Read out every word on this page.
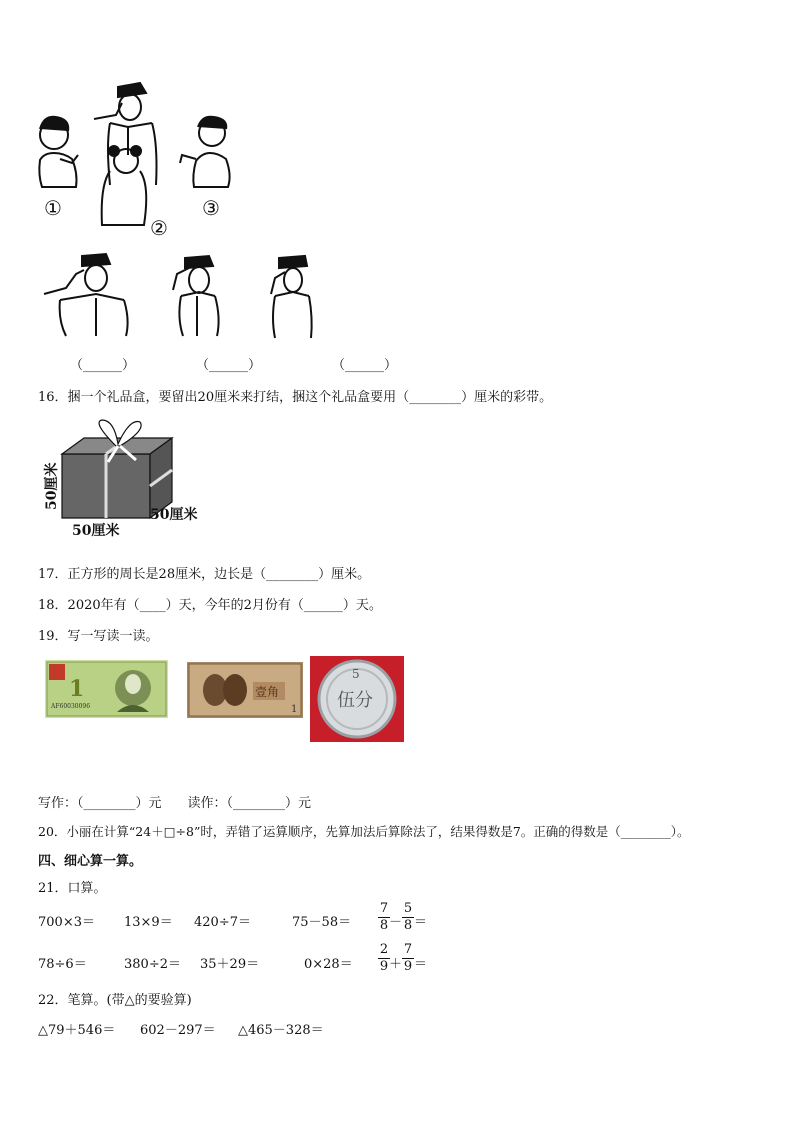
①
②
③
（______）	（______）	（______）
16．捆一个礼品盒，要留出20厘米来打结，捆这个礼品盒要用（________）厘米的彩带。
50厘米
50厘米
50厘米
17．正方形的周长是28厘米，边长是（________）厘米。
18．2020年有（____）天，今年的2月份有（______）天。
19．写一写读一读。
1
AF60030096
壹角
1
5
伍分
写作：（________）元　　读作：（________）元
20．小丽在计算“24＋□÷8”时，弄错了运算顺序，先算加法后算除法了，结果得数是7。正确的得数是（________）。
四、细心算一算。
21．口算。
700×3＝ 13×9＝ 420÷7＝	$75-58= \frac{7}{8} - \frac{5}{8}$ ＝
78÷6＝	380÷2＝ 35＋29＝	$0\times 28= \frac{2}{9} + \frac{7}{9}$ ＝
22．笔算。(带△的要验算)
△79＋546＝ 602－297＝ △465－328＝
